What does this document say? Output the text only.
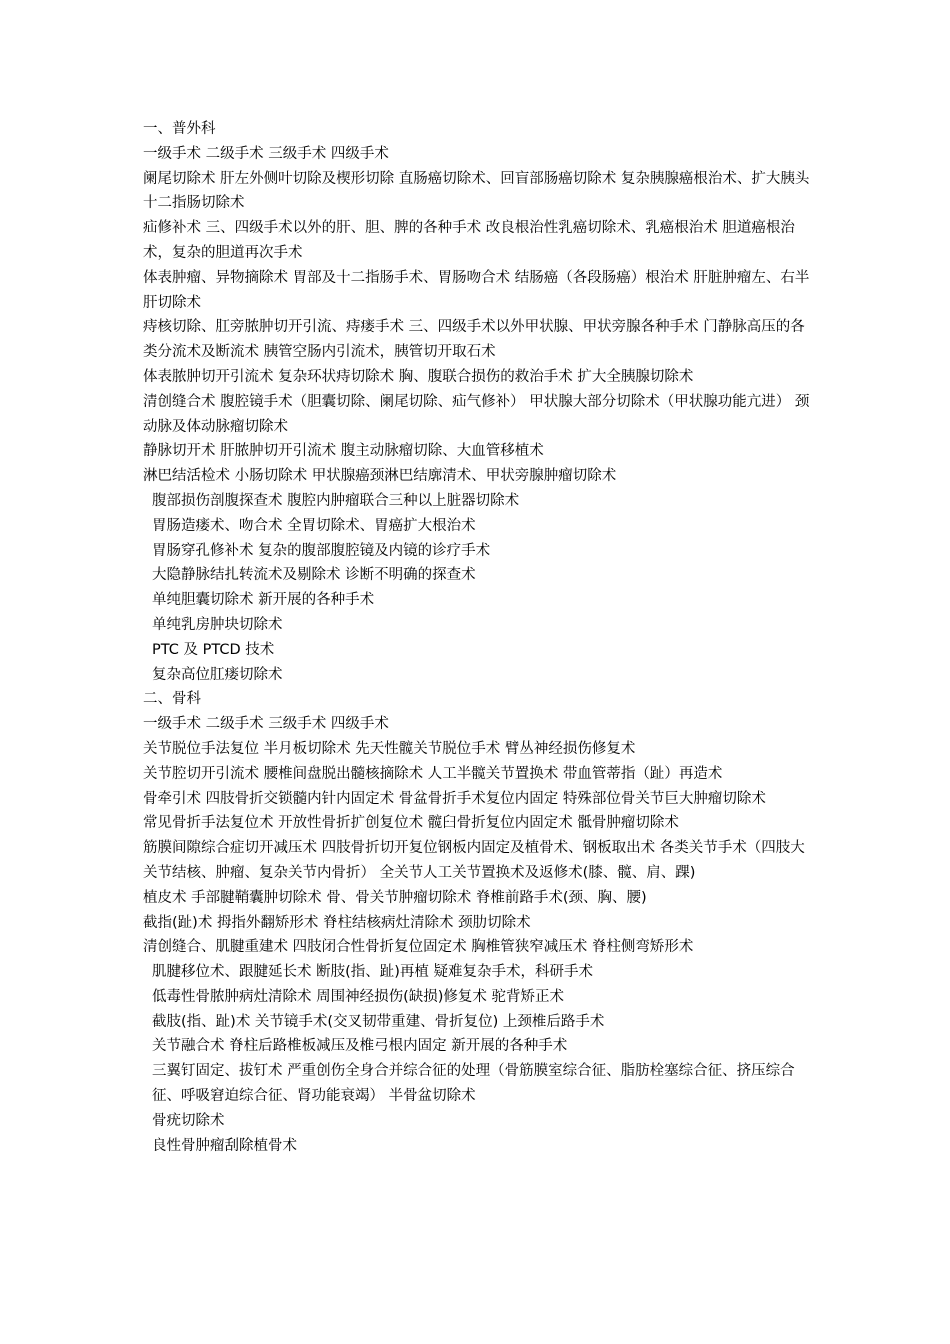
一、普外科
一级手术 二级手术 三级手术 四级手术
阑尾切除术 肝左外侧叶切除及楔形切除 直肠癌切除术、回盲部肠癌切除术 复杂胰腺癌根治术、扩大胰头十二指肠切除术
疝修补术 三、四级手术以外的肝、胆、脾的各种手术 改良根治性乳癌切除术、乳癌根治术 胆道癌根治术，复杂的胆道再次手术
体表肿瘤、异物摘除术 胃部及十二指肠手术、胃肠吻合术 结肠癌（各段肠癌）根治术 肝脏肿瘤左、右半肝切除术
痔核切除、肛旁脓肿切开引流、痔瘘手术 三、四级手术以外甲状腺、甲状旁腺各种手术 门静脉高压的各类分流术及断流术 胰管空肠内引流术，胰管切开取石术
体表脓肿切开引流术 复杂环状痔切除术 胸、腹联合损伤的救治手术 扩大全胰腺切除术
清创缝合术 腹腔镜手术（胆囊切除、阑尾切除、疝气修补） 甲状腺大部分切除术（甲状腺功能亢进） 颈动脉及体动脉瘤切除术
静脉切开术 肝脓肿切开引流术 腹主动脉瘤切除、大血管移植术
淋巴结活检术 小肠切除术 甲状腺癌颈淋巴结廓清术、甲状旁腺肿瘤切除术
腹部损伤剖腹探查术 腹腔内肿瘤联合三种以上脏器切除术
胃肠造瘘术、吻合术 全胃切除术、胃癌扩大根治术
胃肠穿孔修补术 复杂的腹部腹腔镜及内镜的诊疗手术
大隐静脉结扎转流术及剔除术 诊断不明确的探查术
单纯胆囊切除术 新开展的各种手术
单纯乳房肿块切除术
PTC 及 PTCD 技术
复杂高位肛瘘切除术
二、骨科
一级手术 二级手术 三级手术 四级手术
关节脱位手法复位 半月板切除术 先天性髋关节脱位手术 臂丛神经损伤修复术
关节腔切开引流术 腰椎间盘脱出髓核摘除术 人工半髋关节置换术 带血管蒂指（趾）再造术
骨牵引术 四肢骨折交锁髓内针内固定术 骨盆骨折手术复位内固定 特殊部位骨关节巨大肿瘤切除术
常见骨折手法复位术 开放性骨折扩创复位术 髋臼骨折复位内固定术 骶骨肿瘤切除术
筋膜间隙综合症切开减压术 四肢骨折切开复位钢板内固定及植骨术、钢板取出术 各类关节手术（四肢大关节结核、肿瘤、复杂关节内骨折） 全关节人工关节置换术及返修术(膝、髋、肩、踝)
植皮术 手部腱鞘囊肿切除术 骨、骨关节肿瘤切除术 脊椎前路手术(颈、胸、腰)
截指(趾)术 拇指外翻矫形术 脊柱结核病灶清除术 颈肋切除术
清创缝合、肌腱重建术 四肢闭合性骨折复位固定术 胸椎管狭窄减压术 脊柱侧弯矫形术
肌腱移位术、跟腱延长术 断肢(指、趾)再植 疑难复杂手术，科研手术
低毒性骨脓肿病灶清除术 周围神经损伤(缺损)修复术 驼背矫正术
截肢(指、趾)术 关节镜手术(交叉韧带重建、骨折复位) 上颈椎后路手术
关节融合术 脊柱后路椎板减压及椎弓根内固定 新开展的各种手术
三翼钉固定、拔钉术 严重创伤全身合并综合征的处理（骨筋膜室综合征、脂肪栓塞综合征、挤压综合征、呼吸窘迫综合征、肾功能衰竭） 半骨盆切除术
骨疣切除术
良性骨肿瘤刮除植骨术
